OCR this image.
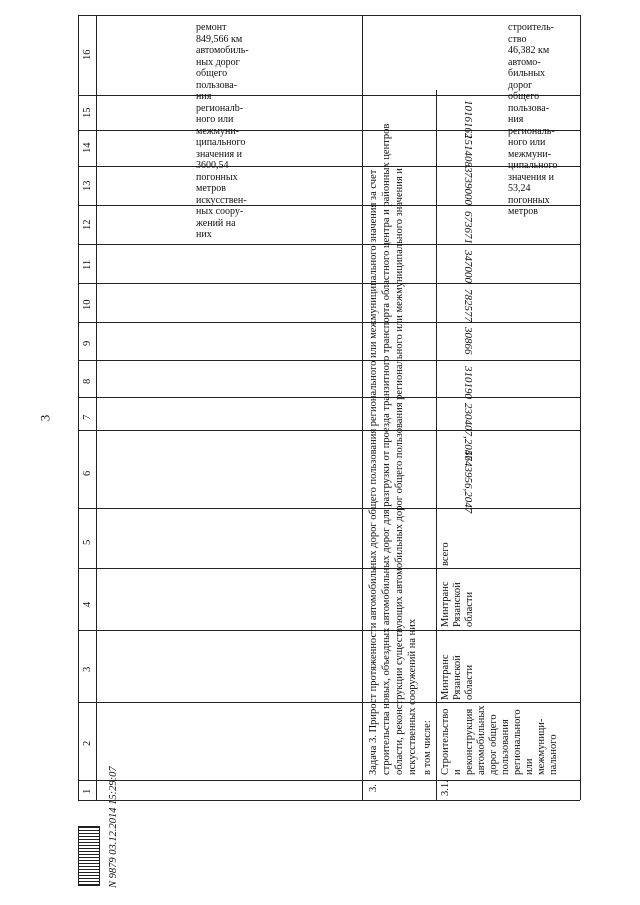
3
16
15
14
13
12
11
10
9
8
7
6
5
4
3
2
1
ремонт
849,566 км
автомобиль-
ных дорог
общего
пользова-
ния
регионалb-
ного или
межмуни-
ципального
значения и
3600,54
погонных
метров
искусствен-
ных соору-
жений на
них
строитель-
ство
46,382 км
автомо-
бильных
дорог
общего
пользова-
ния
региональ-
ного или
межмуни-
ципального
значения и
53,24
погонных
метров
3.
Задача 3. Прирост протяженности автомобильных дорог общего пользования регионального или межмуниципального значения за счет строительства новых, объездных автомобильных дорог для разгрузки от проезда транзитного транспорта областного центра и районных центров области, реконструкции существующих автомобильных дорог общего пользования регионального или межмуниципального значения и искусственных сооружений на них в том числе:
3.1.
Строительство и реконструкция автомобильных дорог общего пользования регионального или межмуници- пального
Минтранс Рязанской области
Минтранс Рязанской области
всего
5643956,2047
230407,2047
310190
30866
782577
347000
673671
739000
1514083
1016162
N 9879 03.12.2014 15:29:07
